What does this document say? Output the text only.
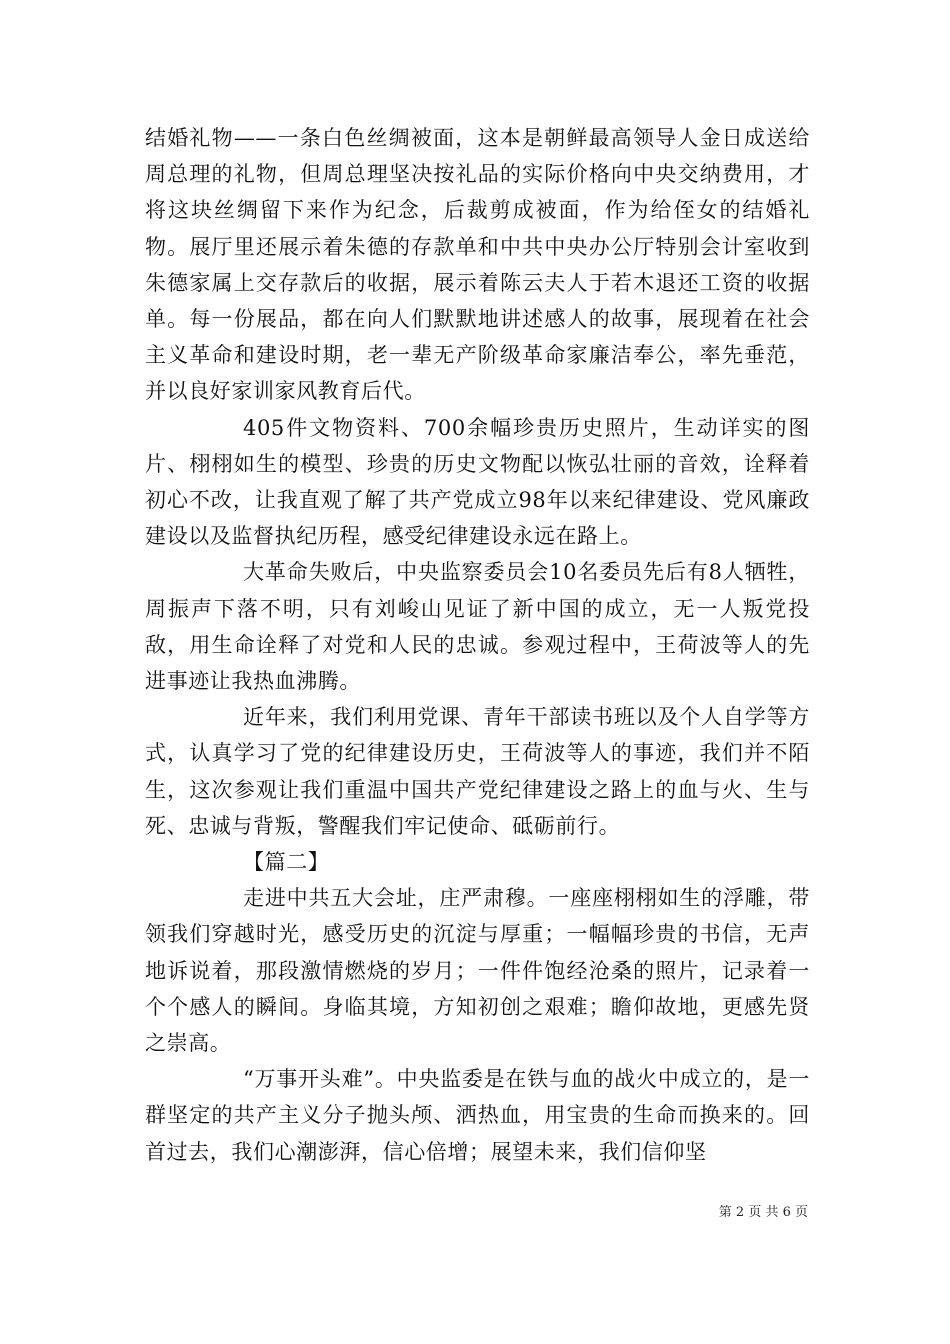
结婚礼物——一条白色丝绸被面，这本是朝鲜最高领导人金日成送给周总理的礼物，但周总理坚决按礼品的实际价格向中央交纳费用，才将这块丝绸留下来作为纪念，后裁剪成被面，作为给侄女的结婚礼物。展厅里还展示着朱德的存款单和中共中央办公厅特别会计室收到朱德家属上交存款后的收据，展示着陈云夫人于若木退还工资的收据单。每一份展品，都在向人们默默地讲述感人的故事，展现着在社会主义革命和建设时期，老一辈无产阶级革命家廉洁奉公，率先垂范，并以良好家训家风教育后代。

405件文物资料、700余幅珍贵历史照片，生动详实的图片、栩栩如生的模型、珍贵的历史文物配以恢弘壮丽的音效，诠释着初心不改，让我直观了解了共产党成立98年以来纪律建设、党风廉政建设以及监督执纪历程，感受纪律建设永远在路上。

大革命失败后，中央监察委员会10名委员先后有8人牺牲，周振声下落不明，只有刘峻山见证了新中国的成立，无一人叛党投敌，用生命诠释了对党和人民的忠诚。参观过程中，王荷波等人的先进事迹让我热血沸腾。

近年来，我们利用党课、青年干部读书班以及个人自学等方式，认真学习了党的纪律建设历史，王荷波等人的事迹，我们并不陌生，这次参观让我们重温中国共产党纪律建设之路上的血与火、生与死、忠诚与背叛，警醒我们牢记使命、砥砺前行。

【篇二】

走进中共五大会址，庄严肃穆。一座座栩栩如生的浮雕，带领我们穿越时光，感受历史的沉淀与厚重；一幅幅珍贵的书信，无声地诉说着，那段激情燃烧的岁月；一件件饱经沧桑的照片，记录着一个个感人的瞬间。身临其境，方知初创之艰难；瞻仰故地，更感先贤之崇高。

“万事开头难”。中央监委是在铁与血的战火中成立的，是一群坚定的共产主义分子抛头颅、洒热血，用宝贵的生命而换来的。回首过去，我们心潮澎湃，信心倍增；展望未来，我们信仰坚

第 2 页 共 6 页
